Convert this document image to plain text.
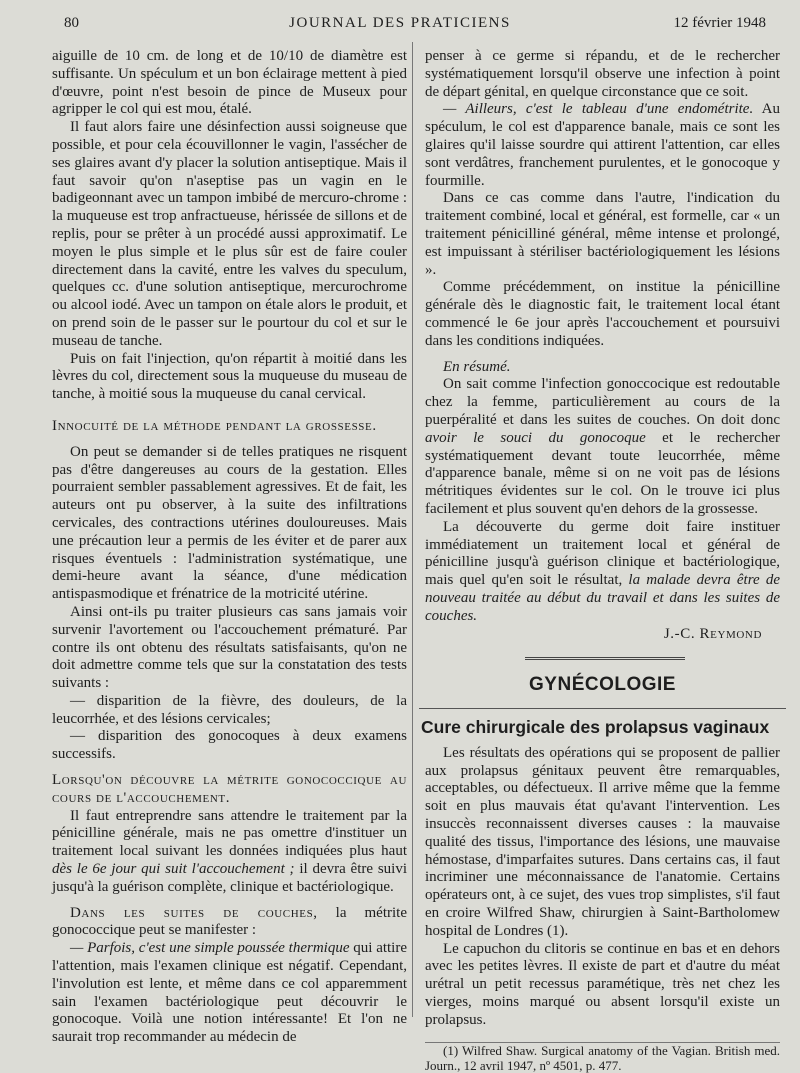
80	JOURNAL DES PRATICIENS	12 février 1948

aiguille de 10 cm. de long et de 10/10 de diamètre est suffisante. Un spéculum et un bon éclairage mettent à pied d'œuvre, point n'est besoin de pince de Museux pour agripper le col qui est mou, étalé.

Il faut alors faire une désinfection aussi soigneuse que possible, et pour cela écouvillonner le vagin, l'assécher de ses glaires avant d'y placer la solution antiseptique. Mais il faut savoir qu'on n'aseptise pas un vagin en le badigeonnant avec un tampon imbibé de mercuro-chrome : la muqueuse est trop anfractueuse, hérissée de sillons et de replis, pour se prêter à un procédé aussi approximatif. Le moyen le plus simple et le plus sûr est de faire couler directement dans la cavité, entre les valves du speculum, quelques cc. d'une solution antiseptique, mercurochrome ou alcool iodé. Avec un tampon on étale alors le produit, et on prend soin de le passer sur le pourtour du col et sur le museau de tanche.

Puis on fait l'injection, qu'on répartit à moitié dans les lèvres du col, directement sous la muqueuse du museau de tanche, à moitié sous la muqueuse du canal cervical.

Innocuité de la méthode pendant la grossesse.

On peut se demander si de telles pratiques ne risquent pas d'être dangereuses au cours de la gestation. Elles pourraient sembler passablement agressives. Et de fait, les auteurs ont pu observer, à la suite des infiltrations cervicales, des contractions utérines douloureuses. Mais une précaution leur a permis de les éviter et de parer aux risques éventuels : l'administration systématique, une demi-heure avant la séance, d'une médication antispasmodique et frénatrice de la motricité utérine.

Ainsi ont-ils pu traiter plusieurs cas sans jamais voir survenir l'avortement ou l'accouchement prématuré. Par contre ils ont obtenu des résultats satisfaisants, qu'on ne doit admettre comme tels que sur la constatation des tests suivants :

— disparition de la fièvre, des douleurs, de la leucorrhée, et des lésions cervicales;

— disparition des gonocoques à deux examens successifs.

Lorsqu'on découvre la métrite gonococcique au cours de l'accouchement.

Il faut entreprendre sans attendre le traitement par la pénicilline générale, mais ne pas omettre d'instituer un traitement local suivant les données indiquées plus haut dès le 6e jour qui suit l'accouchement ; il devra être suivi jusqu'à la guérison complète, clinique et bactériologique.

Dans les suites de couches, la métrite gonococcique peut se manifester :

— Parfois, c'est une simple poussée thermique qui attire l'attention, mais l'examen clinique est négatif. Cependant, l'involution est lente, et même dans ce col apparemment sain l'examen bactériologique peut découvrir le gonocoque. Voilà une notion intéressante! Et l'on ne saurait trop recommander au médecin de

penser à ce germe si répandu, et de le rechercher systématiquement lorsqu'il observe une infection à point de départ génital, en quelque circonstance que ce soit.

— Ailleurs, c'est le tableau d'une endométrite. Au spéculum, le col est d'apparence banale, mais ce sont les glaires qu'il laisse sourdre qui attirent l'attention, car elles sont verdâtres, franchement purulentes, et le gonocoque y fourmille.

Dans ce cas comme dans l'autre, l'indication du traitement combiné, local et général, est formelle, car « un traitement pénicilliné général, même intense et prolongé, est impuissant à stériliser bactériologiquement les lésions ».

Comme précédemment, on institue la pénicilline générale dès le diagnostic fait, le traitement local étant commencé le 6e jour après l'accouchement et poursuivi dans les conditions indiquées.

En résumé.

On sait comme l'infection gonoccocique est redoutable chez la femme, particulièrement au cours de la puerpéralité et dans les suites de couches. On doit donc avoir le souci du gonocoque et le rechercher systématiquement devant toute leucorrhée, même d'apparence banale, même si on ne voit pas de lésions métritiques évidentes sur le col. On le trouve ici plus facilement et plus souvent qu'en dehors de la grossesse.

La découverte du germe doit faire instituer immédiatement un traitement local et général de pénicilline jusqu'à guérison clinique et bactériologique, mais quel qu'en soit le résultat, la malade devra être de nouveau traitée au début du travail et dans les suites de couches.

J.-C. Reymond

GYNÉCOLOGIE
Cure chirurgicale des prolapsus vaginaux

Les résultats des opérations qui se proposent de pallier aux prolapsus génitaux peuvent être remarquables, acceptables, ou défectueux. Il arrive même que la femme soit en plus mauvais état qu'avant l'intervention. Les insuccès reconnaissent diverses causes : la mauvaise qualité des tissus, l'importance des lésions, une mauvaise hémostase, d'imparfaites sutures. Dans certains cas, il faut incriminer une méconnaissance de l'anatomie. Certains opérateurs ont, à ce sujet, des vues trop simplistes, s'il faut en croire Wilfred Shaw, chirurgien à Saint-Bartholomew hospital de Londres (1).

Le capuchon du clitoris se continue en bas et en dehors avec les petites lèvres. Il existe de part et d'autre du méat urétral un petit recessus paramétique, très net chez les vierges, moins marqué ou absent lorsqu'il existe un prolapsus.

(1) Wilfred Shaw. Surgical anatomy of the Vagian. British med. Journ., 12 avril 1947, nº 4501, p. 477.
